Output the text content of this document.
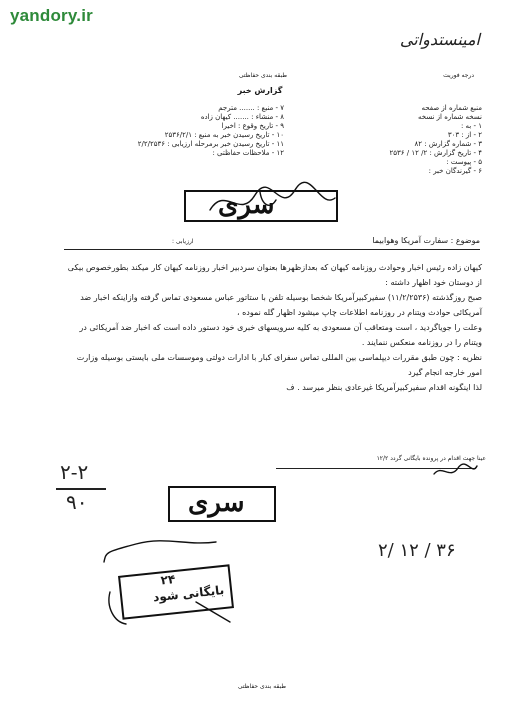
yandory.ir
امینستدواتی
درجه فوریت
طبقه بندی حفاظتی
گزارش خبر
منبع شماره از صفحه
نسخه شماره از نسخه
۱ - به :
۲ - از : ۳۰۳
۳ - شماره گزارش : ۸۲
۴ - تاریخ گزارش : ۲/ ۱۲ / ۲۵۳۶
۵ - پیوست :
۶ - گیرندگان خبر :
۷ - منبع : ....... مترجم
۸ - منشاء : ....... کیهان زاده
۹ - تاریخ وقوع : اخیرا
۱۰ - تاریخ رسیدن خبر به منبع : ۲۵۳۶/۲/۱
۱۱ - تاریخ رسیدن خبر برمرحله ارزیابی : ۲/۲/۲۵۳۶
۱۲ - ملاحظات حفاظتی :
سری
ارزیابی :	موضوع : سفارت آمریکا وهوابیما
کیهان زاده رئیس اخبار وحوادث روزنامه کیهان که بعدازظهرها بعنوان سردبیر اخبار روزنامه کیهان کار میکند بطورخصوص بیکی از دوستان خود اظهار داشته :
صبح روزگذشته (۱۱/۲/۲۵۳۶) سفیرکبیرآمریکا شخصا بوسیله تلفن با ستاتور عباس مسعودی تماس گرفته وازاینکه اخبار ضد آمریکائی حوادث ویتنام در روزنامه اطلاعات چاپ میشود اظهار گله نموده ،
وعلت را جویاگردید ، است ومتعاقب آن مسعودی به کلیه سرویسهای خبری خود دستور داده است که اخبار ضد آمریکائی در ویتنام را در روزنامه منعکس ننمایند .
نظریه : چون طبق مقررات دیپلماسی بین المللی تماس سفرای کبار با ادارات دولتی وموسسات ملی بایستی بوسیله وزارت امور خارجه انجام گیرد
لذا اینگونه اقدام سفیرکبیرآمریکا غیرعادی بنظر میرسد . ف
عینا جهت اقدام در پرونده بایگانی گردد ۱۲/۲
۲-۲
۹۰	سری
۲/ ۱۲ / ۳۶
بایگانی شود
۲۴
طبقه بندی حفاظتی
